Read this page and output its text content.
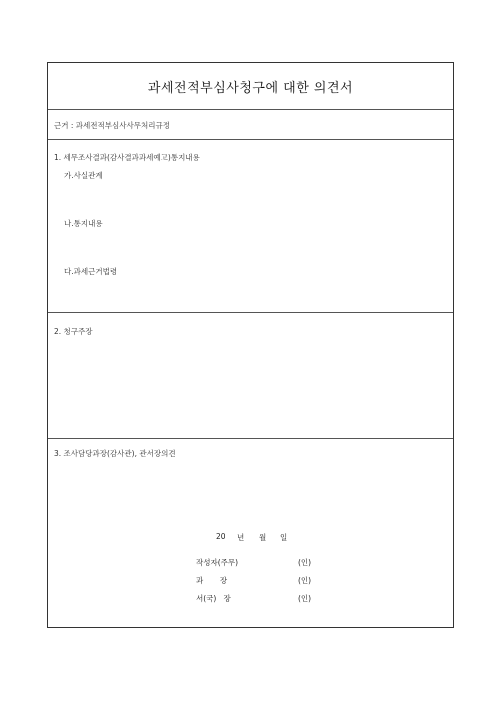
과세전적부심사청구에 대한 의견서
근거 : 과세전적부심사사무처리규정
1. 세무조사결과(감사결과과세예고)통지내용
가.사실관계
나.통지내용
다.과세근거법령
2. 청구주장
3. 조사담당과장(감사관), 관서장의견
20 년 월 일
작성자(주무)	(인)
과       장	(인)
서(국)   장	(인)
